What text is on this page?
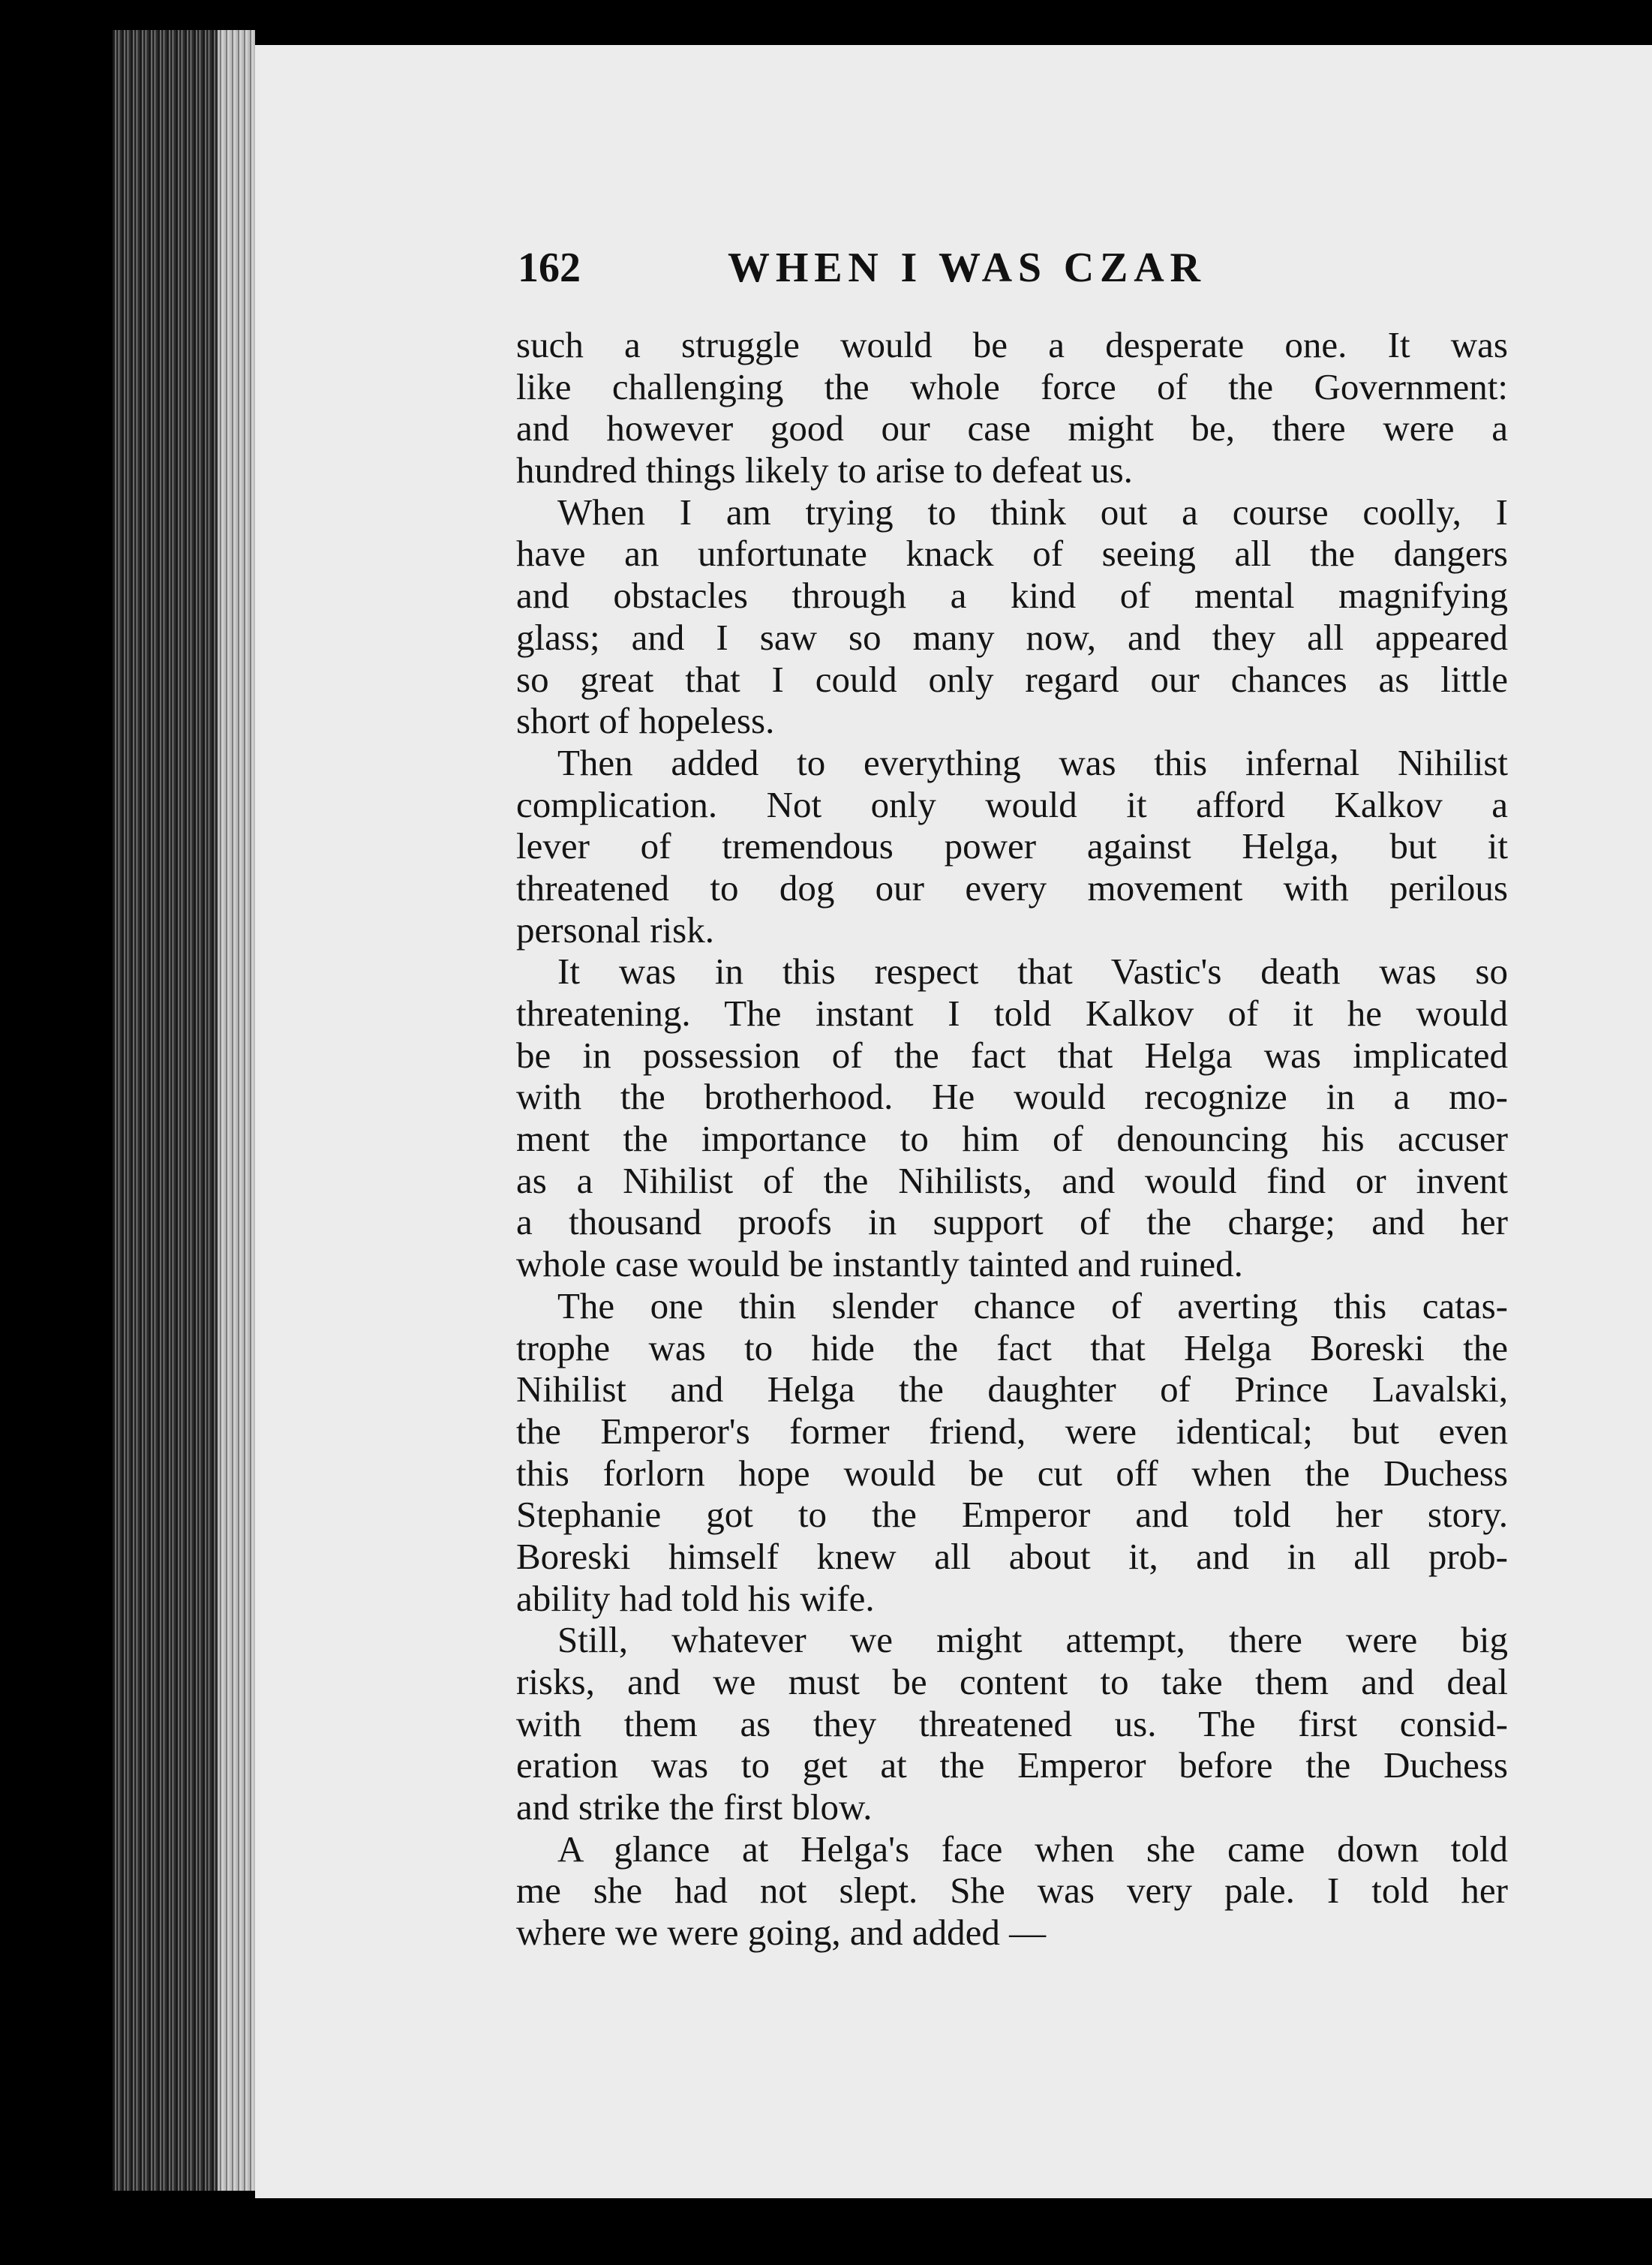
162	WHEN I WAS CZAR
such a struggle would be a desperate one. It was
like challenging the whole force of the Government:
and however good our case might be, there were a
hundred things likely to arise to defeat us.
When I am trying to think out a course coolly, I
have an unfortunate knack of seeing all the dangers
and obstacles through a kind of mental magnifying
glass; and I saw so many now, and they all appeared
so great that I could only regard our chances as little
short of hopeless.
Then added to everything was this infernal Nihilist
complication. Not only would it afford Kalkov a
lever of tremendous power against Helga, but it
threatened to dog our every movement with perilous
personal risk.
It was in this respect that Vastic's death was so
threatening. The instant I told Kalkov of it he would
be in possession of the fact that Helga was implicated
with the brotherhood. He would recognize in a mo-
ment the importance to him of denouncing his accuser
as a Nihilist of the Nihilists, and would find or invent
a thousand proofs in support of the charge; and her
whole case would be instantly tainted and ruined.
The one thin slender chance of averting this catas-
trophe was to hide the fact that Helga Boreski the
Nihilist and Helga the daughter of Prince Lavalski,
the Emperor's former friend, were identical; but even
this forlorn hope would be cut off when the Duchess
Stephanie got to the Emperor and told her story.
Boreski himself knew all about it, and in all prob-
ability had told his wife.
Still, whatever we might attempt, there were big
risks, and we must be content to take them and deal
with them as they threatened us. The first consid-
eration was to get at the Emperor before the Duchess
and strike the first blow.
A glance at Helga's face when she came down told
me she had not slept. She was very pale. I told her
where we were going, and added —
